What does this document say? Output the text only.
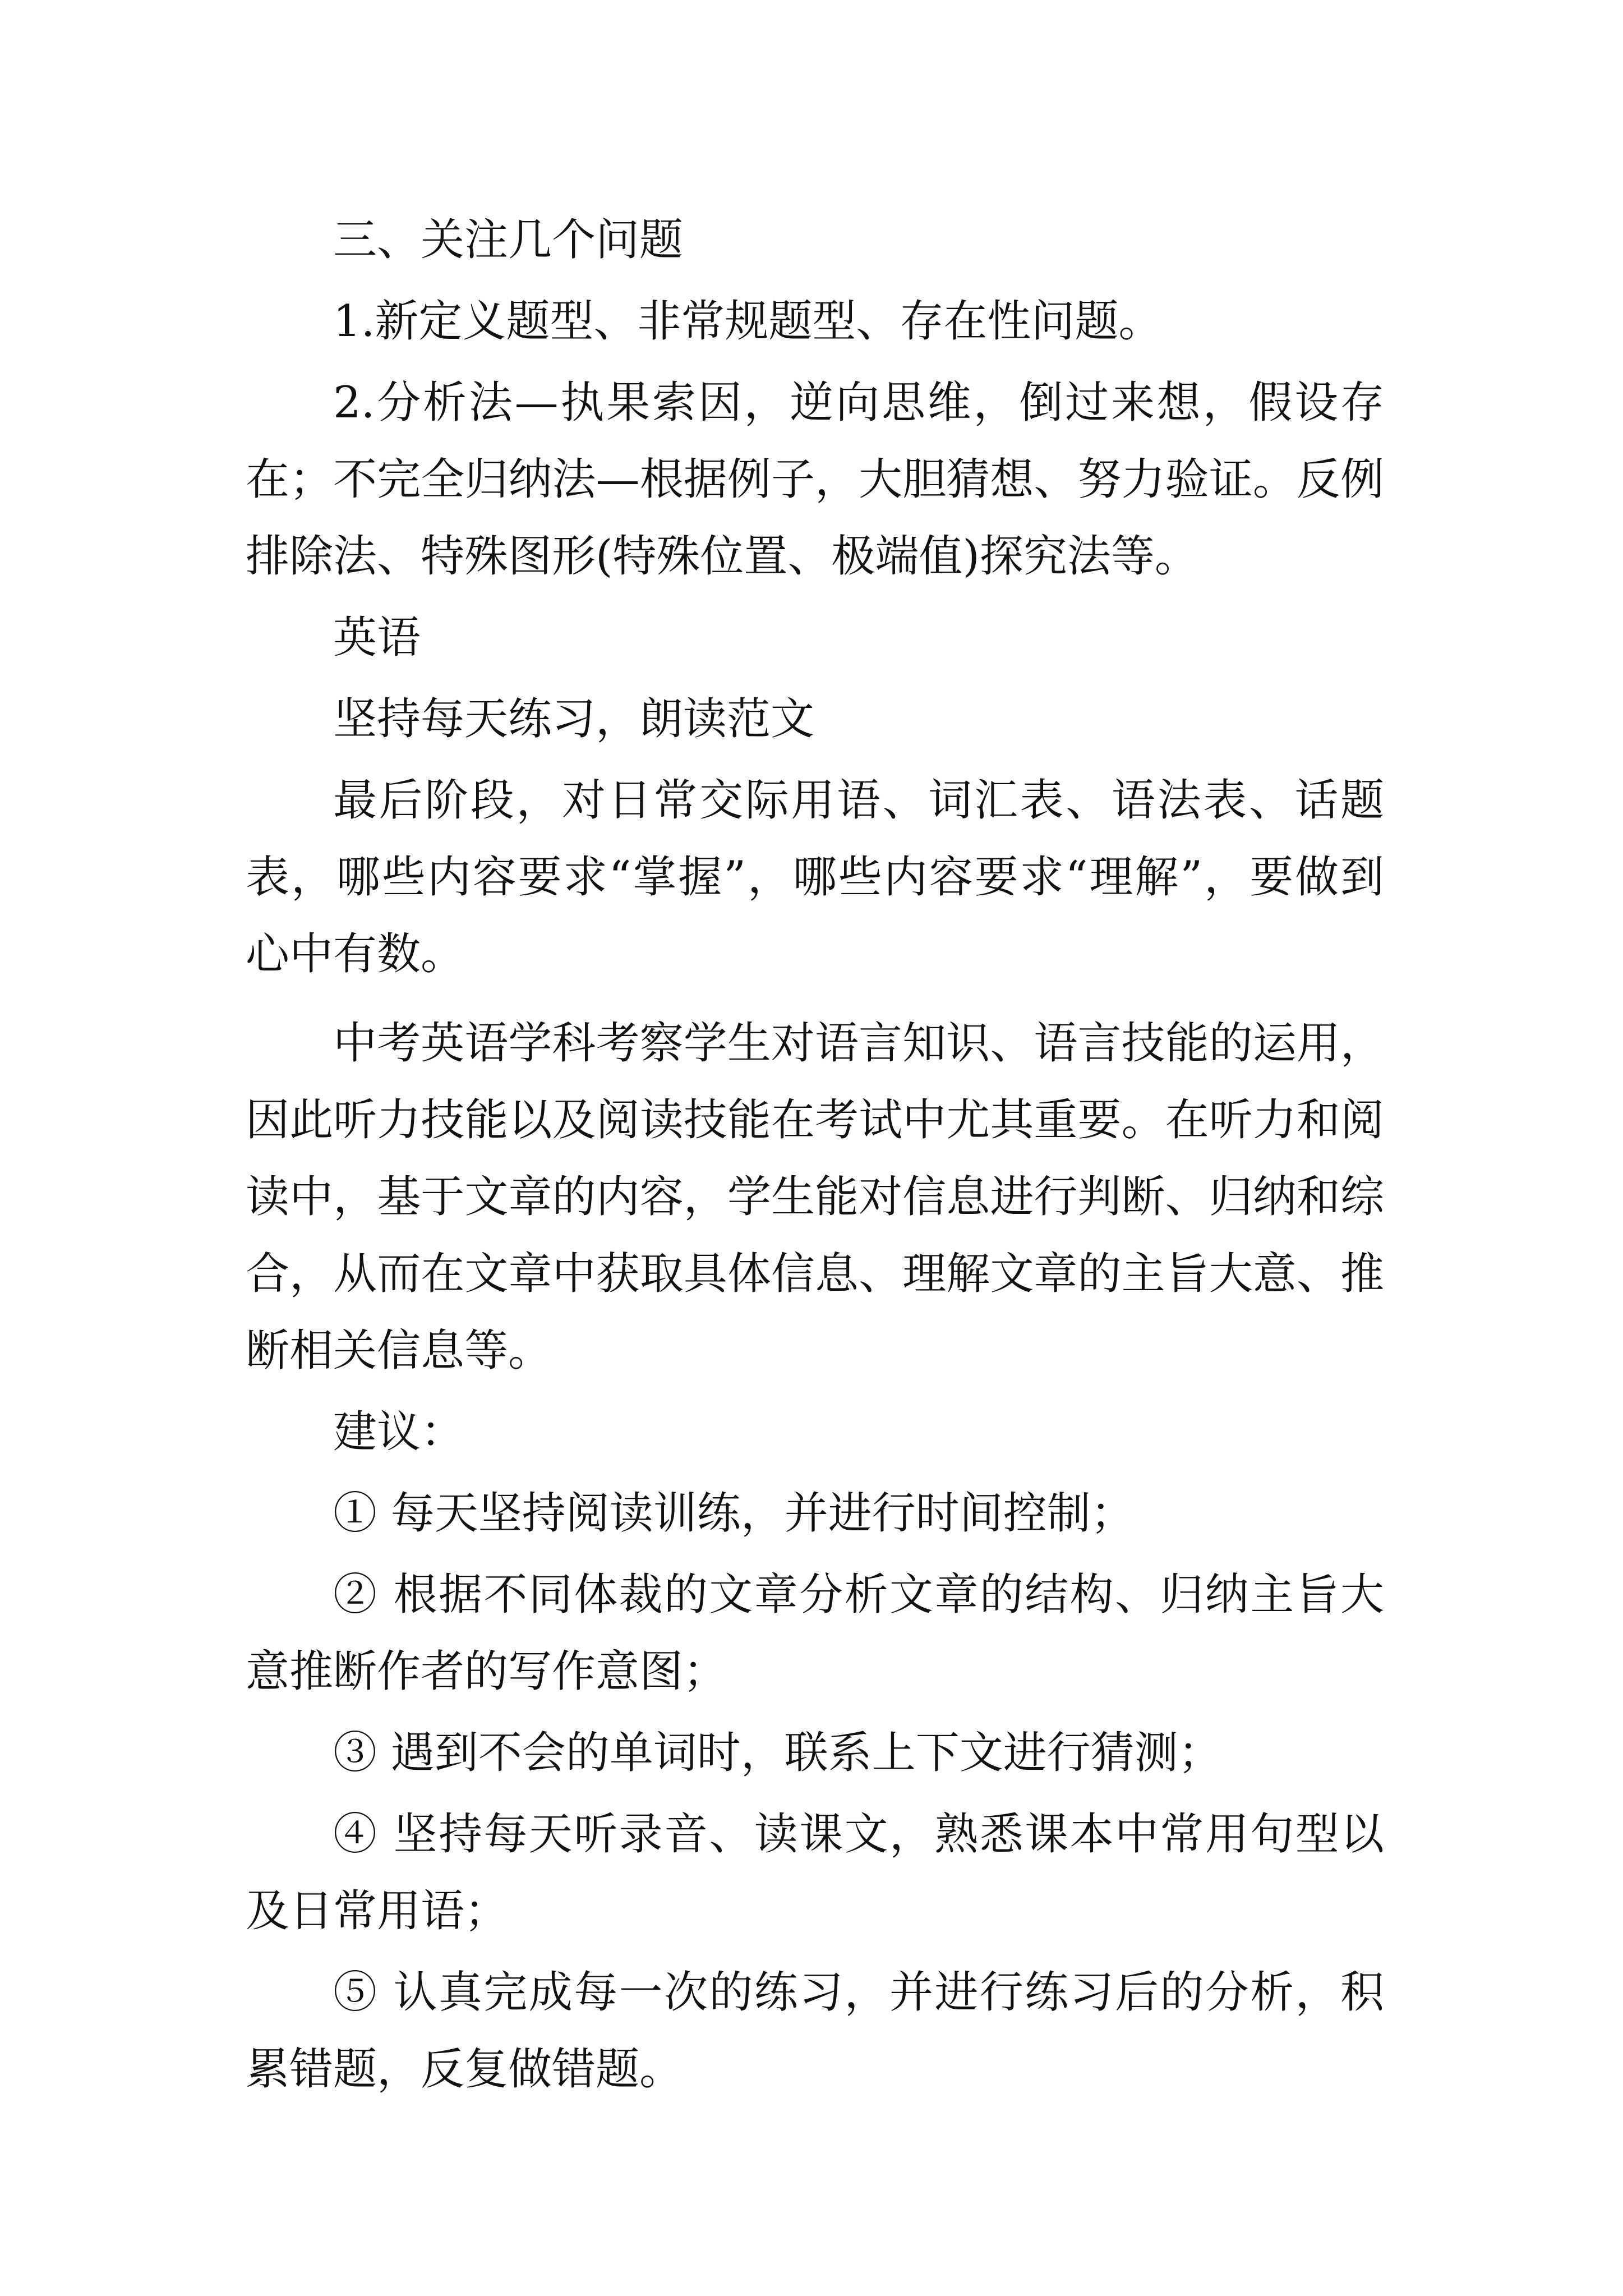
三、关注几个问题

1.新定义题型、非常规题型、存在性问题。

2.分析法—执果索因，逆向思维，倒过来想，假设存在；不完全归纳法—根据例子，大胆猜想、努力验证。反例排除法、特殊图形(特殊位置、极端值)探究法等。

英语

坚持每天练习，朗读范文

最后阶段，对日常交际用语、词汇表、语法表、话题表，哪些内容要求“掌握”，哪些内容要求“理解”，要做到心中有数。

中考英语学科考察学生对语言知识、语言技能的运用，因此听力技能以及阅读技能在考试中尤其重要。在听力和阅读中，基于文章的内容，学生能对信息进行判断、归纳和综合，从而在文章中获取具体信息、理解文章的主旨大意、推断相关信息等。

建议：

① 每天坚持阅读训练，并进行时间控制；

② 根据不同体裁的文章分析文章的结构、归纳主旨大意推断作者的写作意图；

③ 遇到不会的单词时，联系上下文进行猜测；

④ 坚持每天听录音、读课文，熟悉课本中常用句型以及日常用语；

⑤ 认真完成每一次的练习，并进行练习后的分析，积累错题，反复做错题。
